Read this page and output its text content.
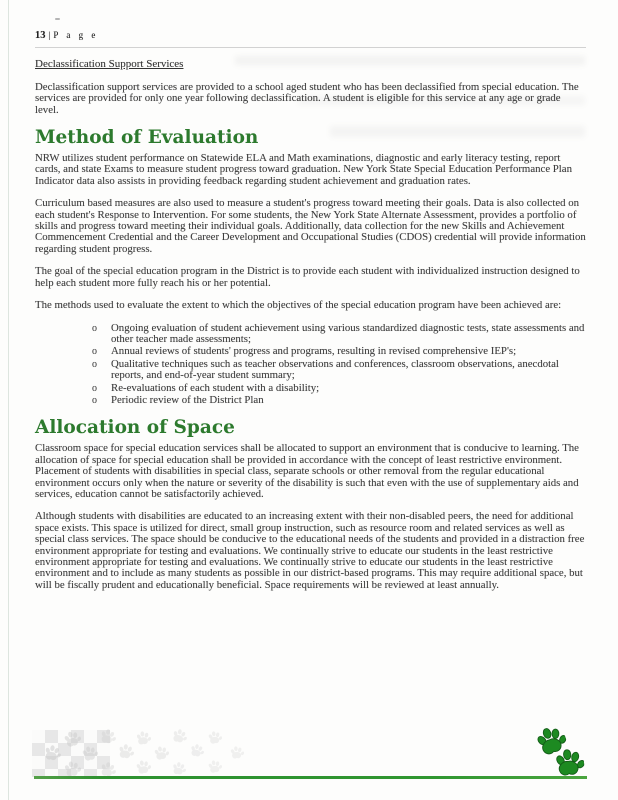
13 | P a g e
Declassification Support Services

Declassification support services are provided to a school aged student who has been declassified from special education. The services are provided for only one year following declassification. A student is eligible for this service at any age or grade level.

Method of Evaluation

NRW utilizes student performance on Statewide ELA and Math examinations, diagnostic and early literacy testing, report cards, and state Exams to measure student progress toward graduation. New York State Special Education Performance Plan Indicator data also assists in providing feedback regarding student achievement and graduation rates.

Curriculum based measures are also used to measure a student's progress toward meeting their goals. Data is also collected on each student's Response to Intervention. For some students, the New York State Alternate Assessment, provides a portfolio of skills and progress toward meeting their individual goals. Additionally, data collection for the new Skills and Achievement Commencement Credential and the Career Development and Occupational Studies (CDOS) credential will provide information regarding student progress.

The goal of the special education program in the District is to provide each student with individualized instruction designed to help each student more fully reach his or her potential.

The methods used to evaluate the extent to which the objectives of the special education program have been achieved are:

o	Ongoing evaluation of student achievement using various standardized diagnostic tests, state assessments and other teacher made assessments;
o	Annual reviews of students' progress and programs, resulting in revised comprehensive IEP's;
o	Qualitative techniques such as teacher observations and conferences, classroom observations, anecdotal reports, and end-of-year student summary;
o	Re-evaluations of each student with a disability;
o	Periodic review of the District Plan
Allocation of Space

Classroom space for special education services shall be allocated to support an environment that is conducive to learning. The allocation of space for special education shall be provided in accordance with the concept of least restrictive environment. Placement of students with disabilities in special class, separate schools or other removal from the regular educational environment occurs only when the nature or severity of the disability is such that even with the use of supplementary aids and services, education cannot be satisfactorily achieved.

Although students with disabilities are educated to an increasing extent with their non-disabled peers, the need for additional space exists. This space is utilized for direct, small group instruction, such as resource room and related services as well as special class services. The space should be conducive to the educational needs of the students and provided in a distraction free environment appropriate for testing and evaluations. We continually strive to educate our students in the least restrictive environment appropriate for testing and evaluations. We continually strive to educate our students in the least restrictive environment and to include as many students as possible in our district-based programs. This may require additional space, but will be fiscally prudent and educationally beneficial. Space requirements will be reviewed at least annually.
